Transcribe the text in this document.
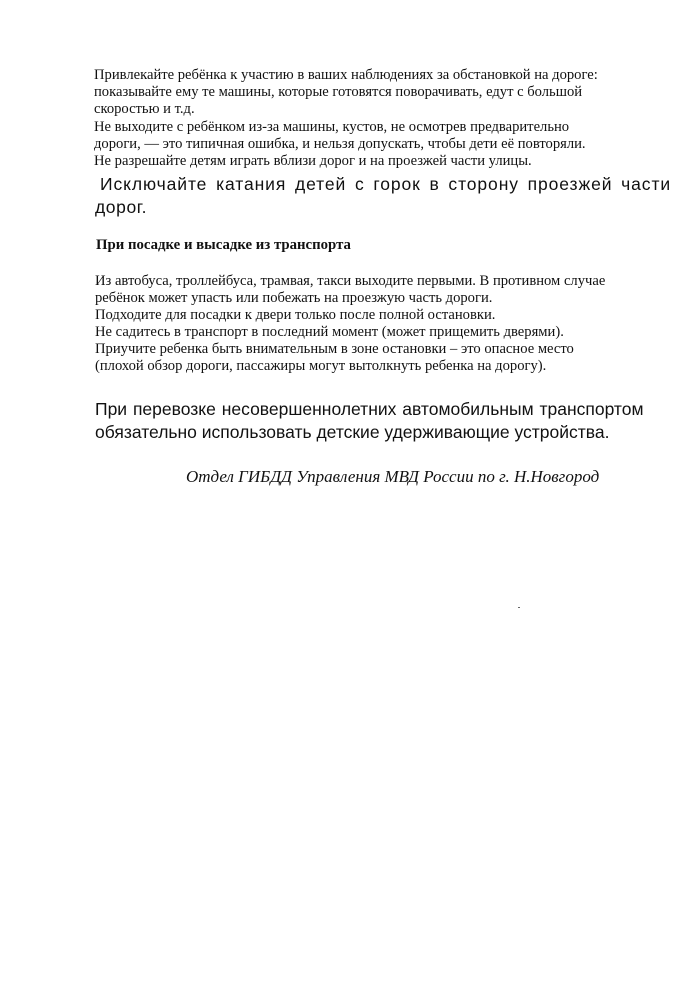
Привлекайте ребёнка к участию в ваших наблюдениях за обстановкой на дороге:
показывайте ему те машины, которые готовятся поворачивать, едут с большой
скоростью и т.д.
Не выходите с ребёнком из-за машины, кустов, не осмотрев предварительно
дороги, — это типичная ошибка, и нельзя допускать, чтобы дети её повторяли.
Не разрешайте детям играть вблизи дорог и на проезжей части улицы.
Исключайте катания детей с горок в сторону проезжей части
дорог.
При посадке и высадке из транспорта
Из автобуса, троллейбуса, трамвая, такси выходите первыми. В противном случае
ребёнок может упасть или побежать на проезжую часть дороги.
Подходите для посадки к двери только после полной остановки.
Не садитесь в транспорт в последний момент (может прищемить дверями).
Приучите ребенка быть внимательным в зоне остановки – это опасное место
(плохой обзор дороги, пассажиры могут вытолкнуть ребенка на дорогу).
При перевозке несовершеннолетних автомобильным транспортом
обязательно использовать детские удерживающие устройства.
Отдел ГИБДД Управления МВД России по г. Н.Новгород
